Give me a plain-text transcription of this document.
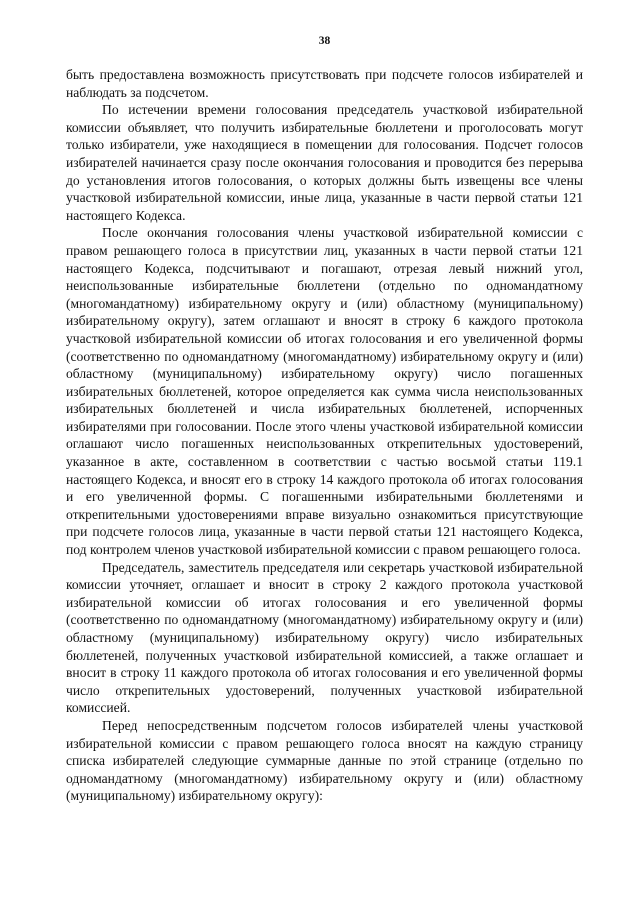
38

быть предоставлена возможность присутствовать при подсчете голосов избирателей и наблюдать за подсчетом.

По истечении времени голосования председатель участковой избирательной комиссии объявляет, что получить избирательные бюллетени и проголосовать могут только избиратели, уже находящиеся в помещении для голосования. Подсчет голосов избирателей начинается сразу после окончания голосования и проводится без перерыва до установления итогов голосования, о которых должны быть извещены все члены участковой избирательной комиссии, иные лица, указанные в части первой статьи 121 настоящего Кодекса.

После окончания голосования члены участковой избирательной комиссии с правом решающего голоса в присутствии лиц, указанных в части первой статьи 121 настоящего Кодекса, подсчитывают и погашают, отрезая левый нижний угол, неиспользованные избирательные бюллетени (отдельно по одномандатному (многомандатному) избирательному округу и (или) областному (муниципальному) избирательному округу), затем оглашают и вносят в строку 6 каждого протокола участковой избирательной комиссии об итогах голосования и его увеличенной формы (соответственно по одномандатному (многомандатному) избирательному округу и (или) областному (муниципальному) избирательному округу) число погашенных избирательных бюллетеней, которое определяется как сумма числа неиспользованных избирательных бюллетеней и числа избирательных бюллетеней, испорченных избирателями при голосовании. После этого члены участковой избирательной комиссии оглашают число погашенных неиспользованных открепительных удостоверений, указанное в акте, составленном в соответствии с частью восьмой статьи 119.1 настоящего Кодекса, и вносят его в строку 14 каждого протокола об итогах голосования и его увеличенной формы. С погашенными избирательными бюллетенями и открепительными удостоверениями вправе визуально ознакомиться присутствующие при подсчете голосов лица, указанные в части первой статьи 121 настоящего Кодекса, под контролем членов участковой избирательной комиссии с правом решающего голоса.

Председатель, заместитель председателя или секретарь участковой избирательной комиссии уточняет, оглашает и вносит в строку 2 каждого протокола участковой избирательной комиссии об итогах голосования и его увеличенной формы (соответственно по одномандатному (многомандатному) избирательному округу и (или) областному (муниципальному) избирательному округу) число избирательных бюллетеней, полученных участковой избирательной комиссией, а также оглашает и вносит в строку 11 каждого протокола об итогах голосования и его увеличенной формы число открепительных удостоверений, полученных участковой избирательной комиссией.

Перед непосредственным подсчетом голосов избирателей члены участковой избирательной комиссии с правом решающего голоса вносят на каждую страницу списка избирателей следующие суммарные данные по этой странице (отдельно по одномандатному (многомандатному) избирательному округу и (или) областному (муниципальному) избирательному округу):
